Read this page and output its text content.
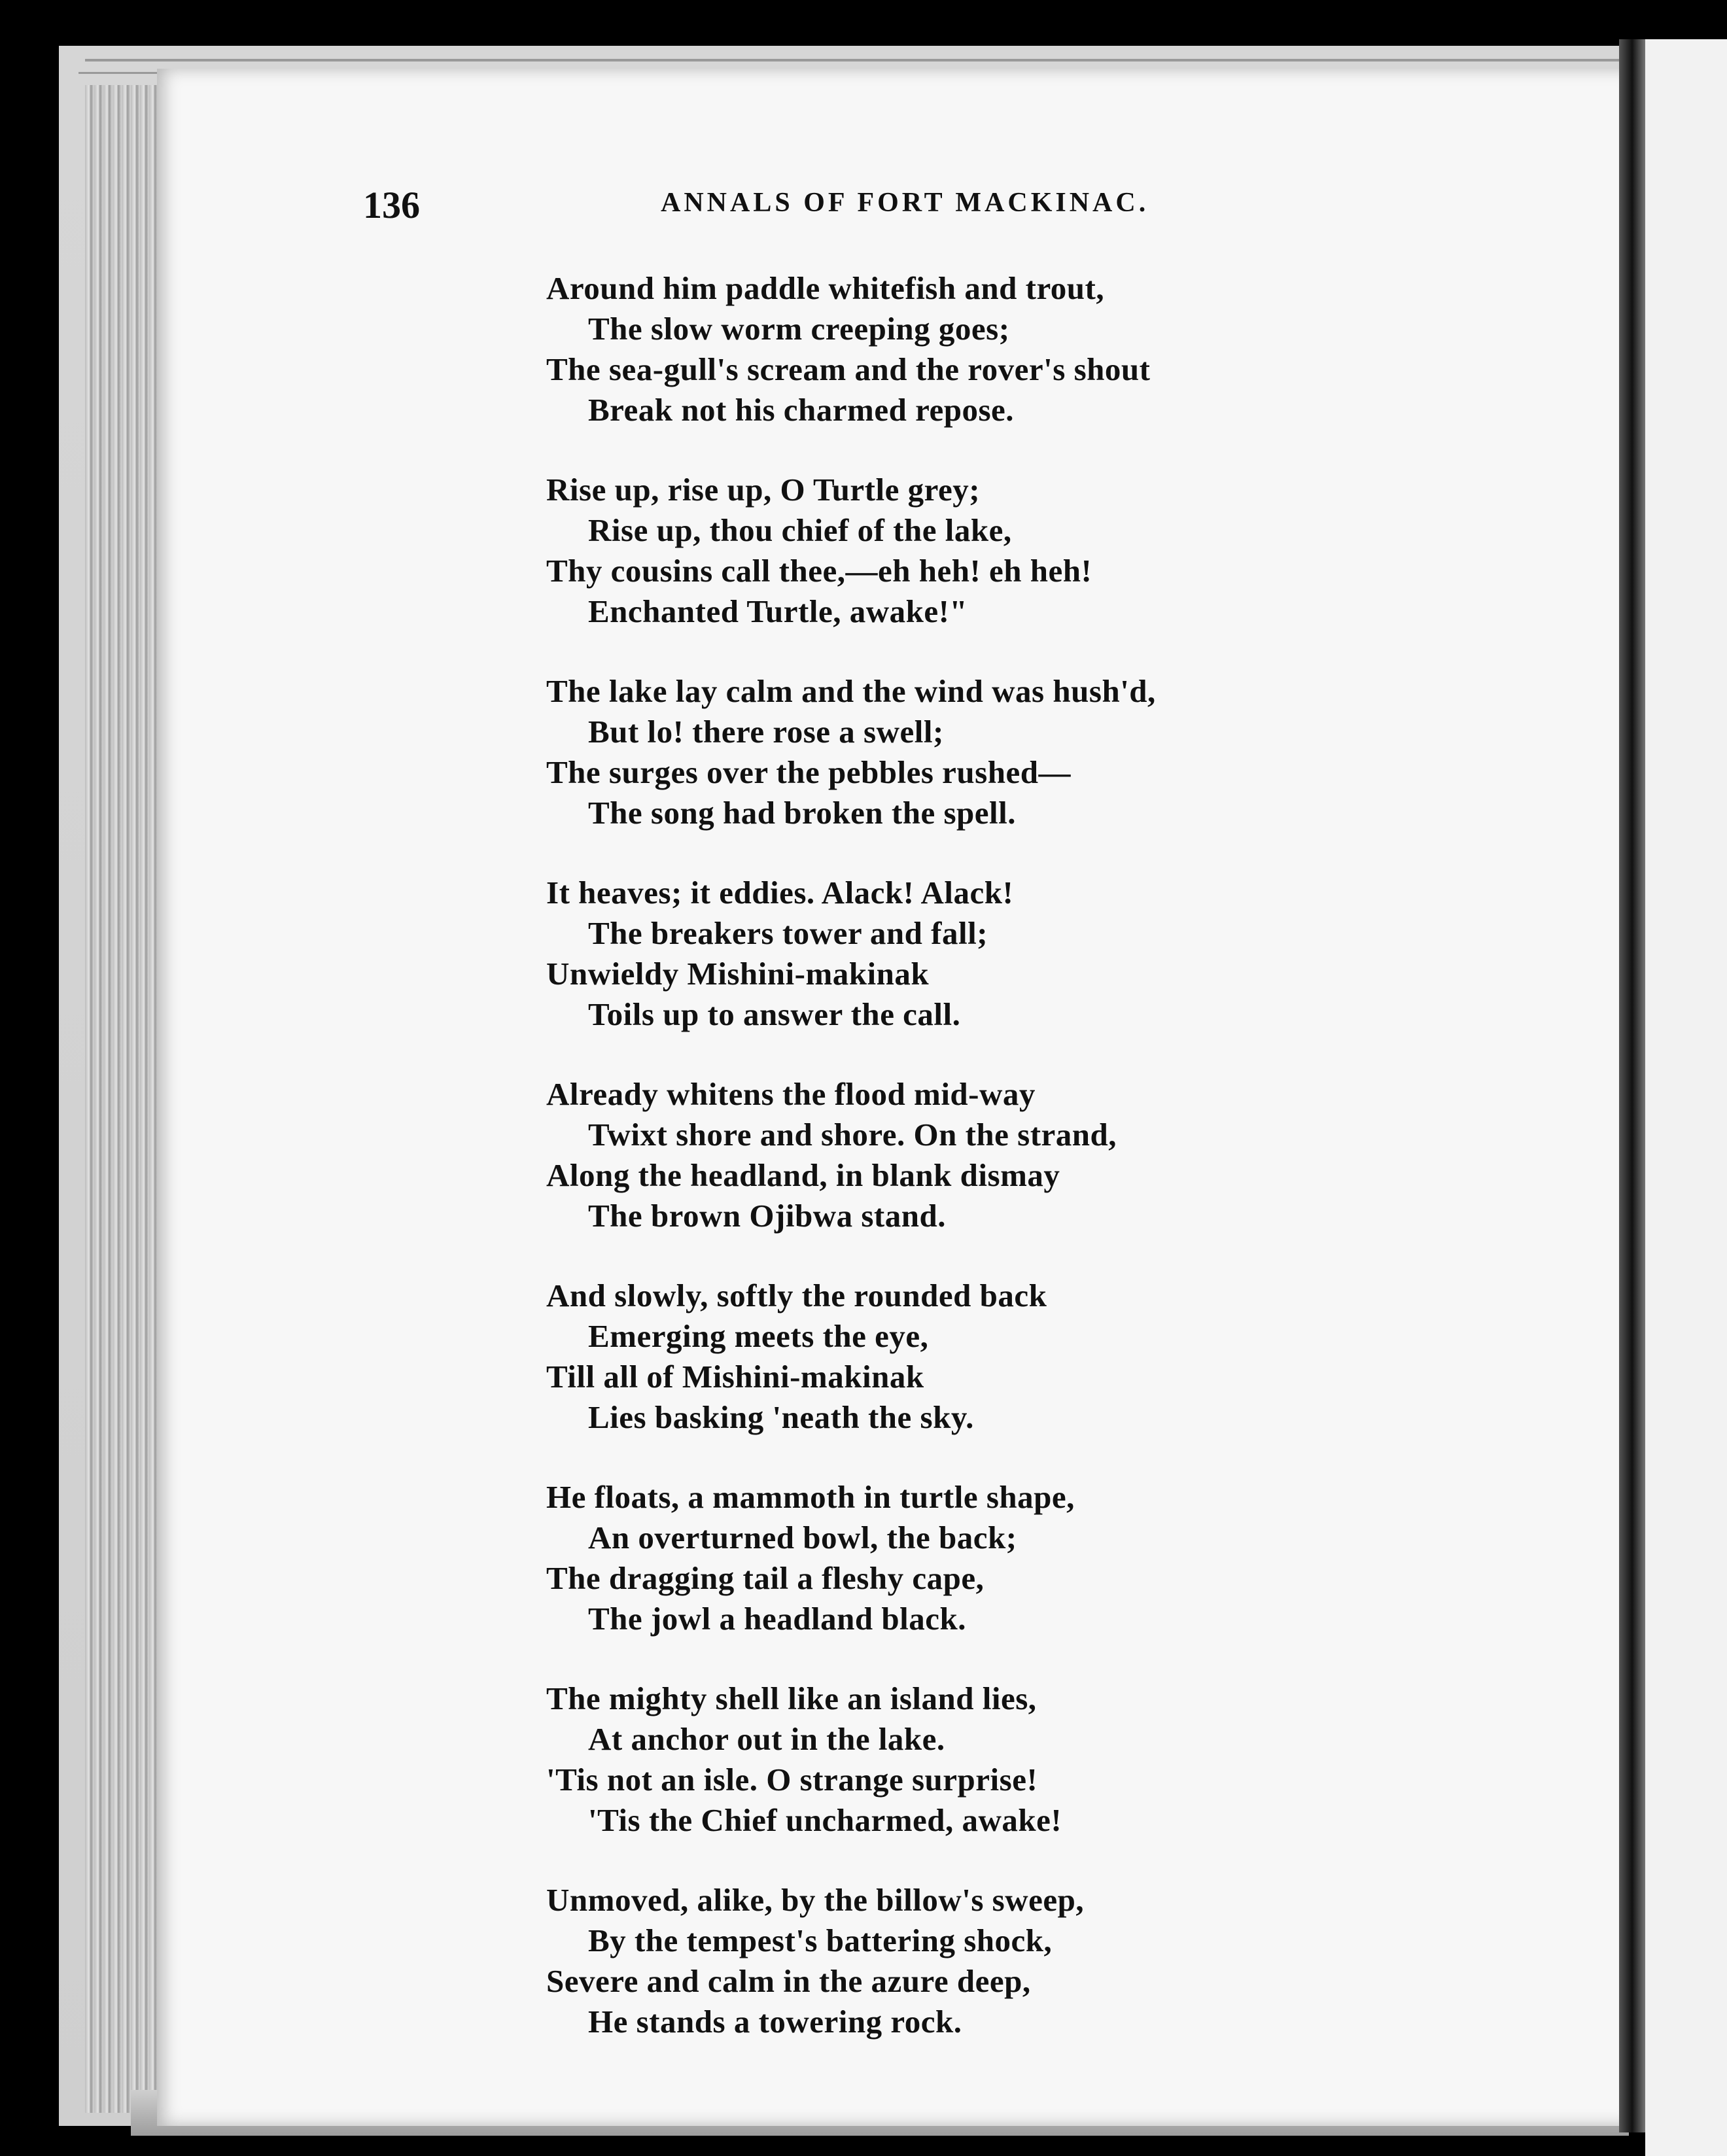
136	ANNALS OF FORT MACKINAC.
Around him paddle whitefish and trout,
The slow worm creeping goes;
The sea-gull's scream and the rover's shout
Break not his charmed repose.
Rise up, rise up, O Turtle grey;
Rise up, thou chief of the lake,
Thy cousins call thee,—eh heh! eh heh!
Enchanted Turtle, awake!"
The lake lay calm and the wind was hush'd,
But lo! there rose a swell;
The surges over the pebbles rushed—
The song had broken the spell.
It heaves; it eddies. Alack! Alack!
The breakers tower and fall;
Unwieldy Mishini-makinak
Toils up to answer the call.
Already whitens the flood mid-way
Twixt shore and shore. On the strand,
Along the headland, in blank dismay
The brown Ojibwa stand.
And slowly, softly the rounded back
Emerging meets the eye,
Till all of Mishini-makinak
Lies basking 'neath the sky.
He floats, a mammoth in turtle shape,
An overturned bowl, the back;
The dragging tail a fleshy cape,
The jowl a headland black.
The mighty shell like an island lies,
At anchor out in the lake.
'Tis not an isle. O strange surprise!
'Tis the Chief uncharmed, awake!
Unmoved, alike, by the billow's sweep,
By the tempest's battering shock,
Severe and calm in the azure deep,
He stands a towering rock.
